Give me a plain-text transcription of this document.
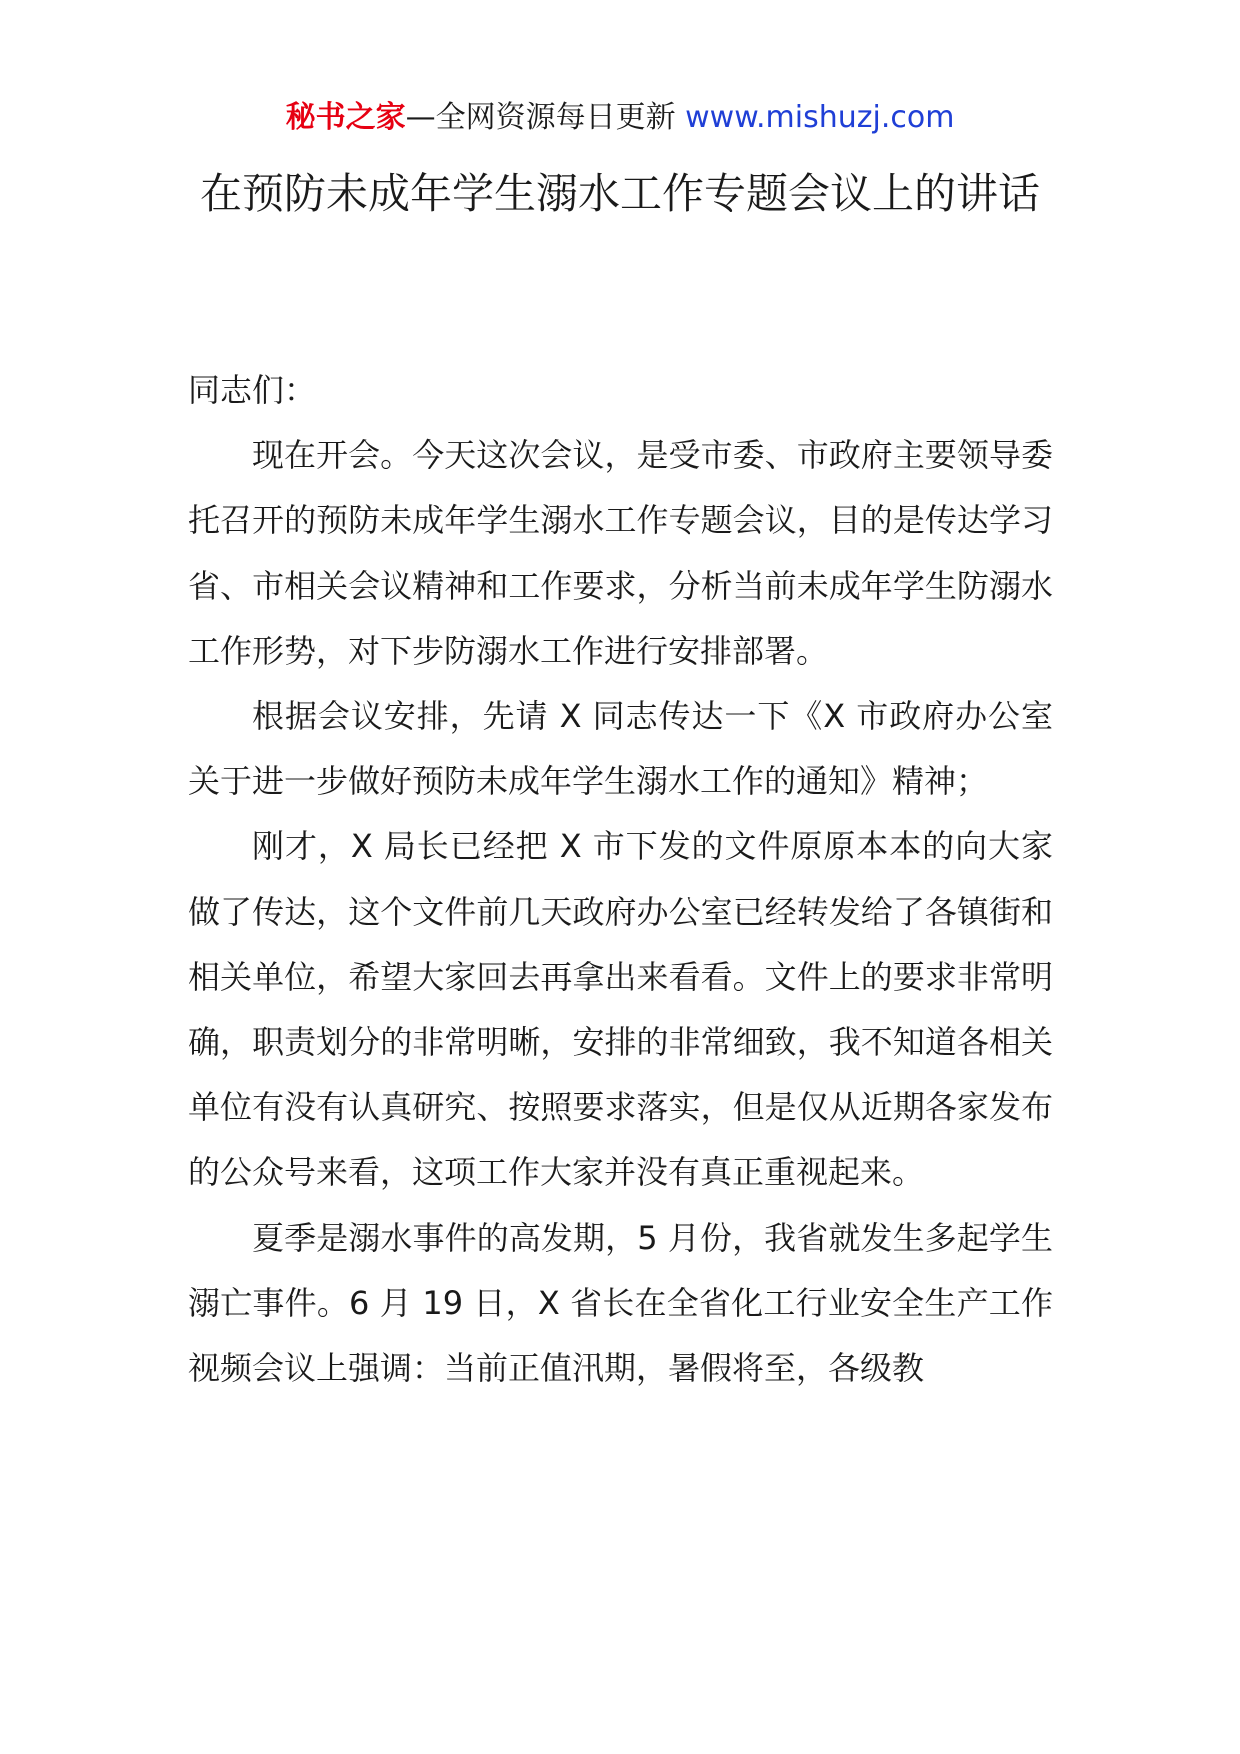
秘书之家—全网资源每日更新 www.mishuzj.com
在预防未成年学生溺水工作专题会议上的讲话

同志们：

现在开会。今天这次会议，是受市委、市政府主要领导委托召开的预防未成年学生溺水工作专题会议，目的是传达学习省、市相关会议精神和工作要求，分析当前未成年学生防溺水工作形势，对下步防溺水工作进行安排部署。

根据会议安排，先请 X 同志传达一下《X 市政府办公室关于进一步做好预防未成年学生溺水工作的通知》精神；

刚才，X 局长已经把 X 市下发的文件原原本本的向大家做了传达，这个文件前几天政府办公室已经转发给了各镇街和相关单位，希望大家回去再拿出来看看。文件上的要求非常明确，职责划分的非常明晰，安排的非常细致，我不知道各相关单位有没有认真研究、按照要求落实，但是仅从近期各家发布的公众号来看，这项工作大家并没有真正重视起来。

夏季是溺水事件的高发期，5 月份，我省就发生多起学生溺亡事件。6 月 19 日，X 省长在全省化工行业安全生产工作视频会议上强调：当前正值汛期，暑假将至，各级教
